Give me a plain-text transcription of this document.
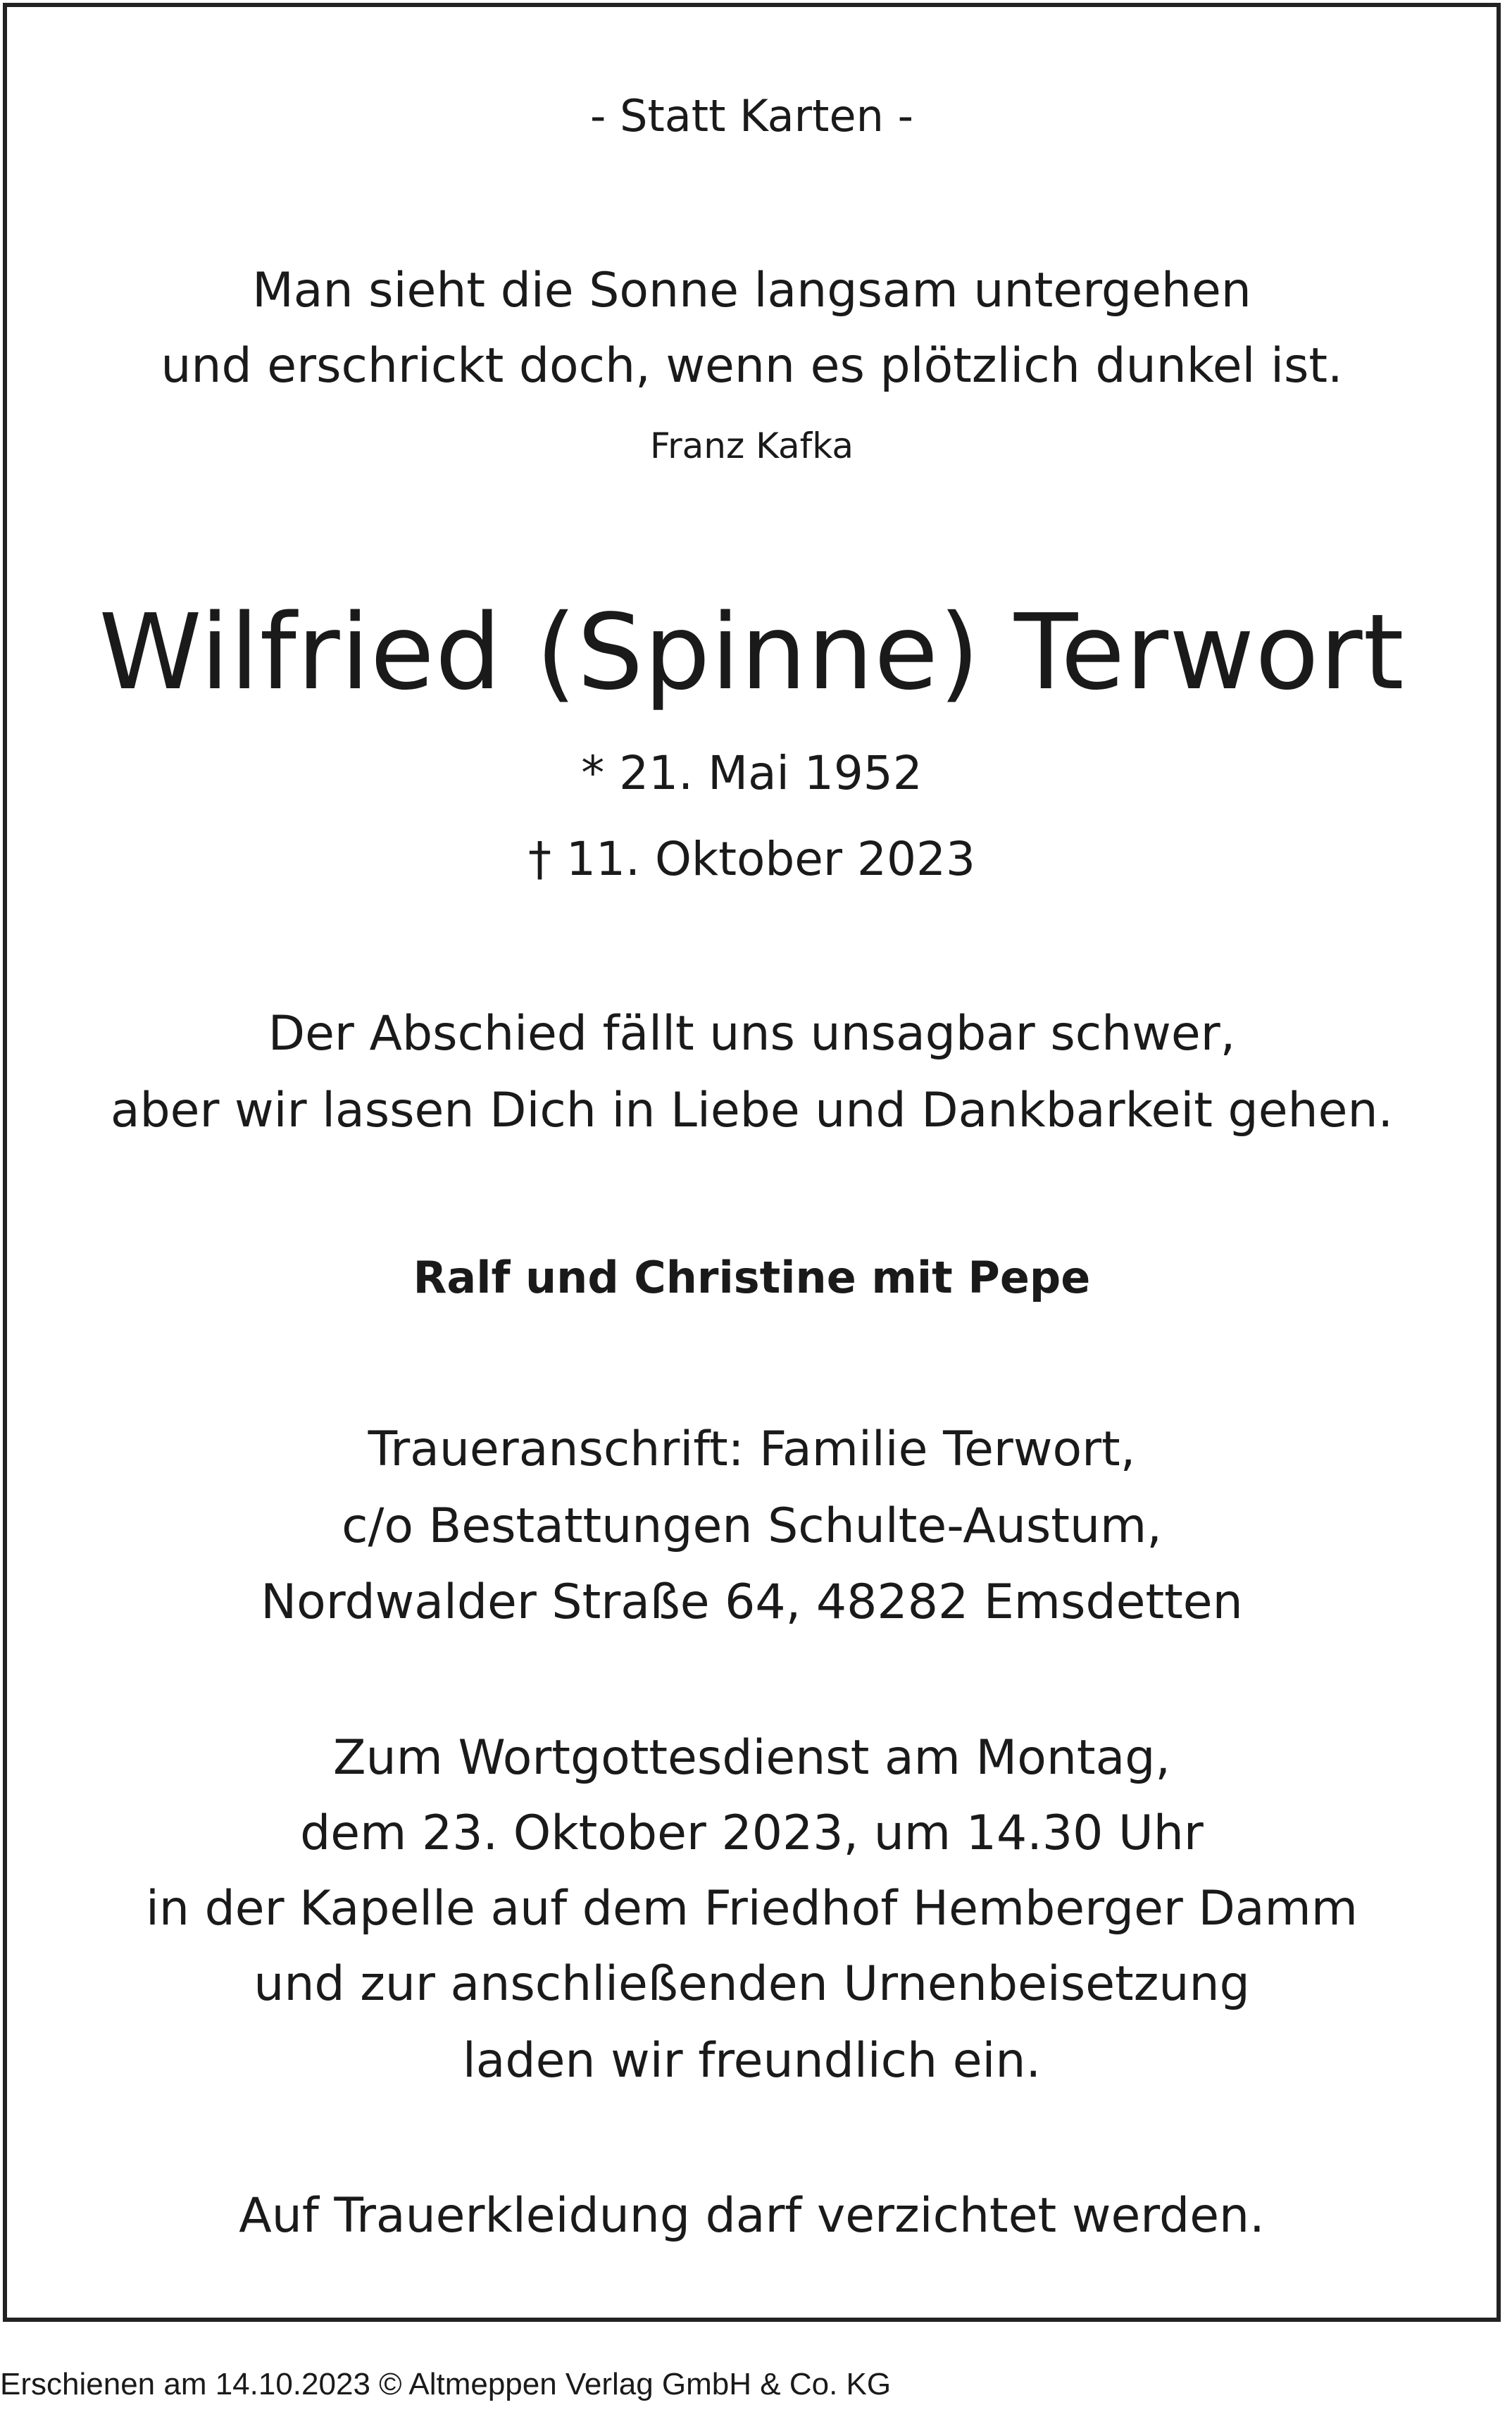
- Statt Karten -
Man sieht die Sonne langsam untergehen
und erschrickt doch, wenn es plötzlich dunkel ist.
Franz Kafka
Wilfried (Spinne) Terwort
* 21. Mai 1952
† 11. Oktober 2023
Der Abschied fällt uns unsagbar schwer,
aber wir lassen Dich in Liebe und Dankbarkeit gehen.
Ralf und Christine mit Pepe
Traueranschrift: Familie Terwort,
c/o Bestattungen Schulte-Austum,
Nordwalder Straße 64, 48282 Emsdetten
Zum Wortgottesdienst am Montag,
dem 23. Oktober 2023, um 14.30 Uhr
in der Kapelle auf dem Friedhof Hemberger Damm
und zur anschließenden Urnenbeisetzung
laden wir freundlich ein.
Auf Trauerkleidung darf verzichtet werden.
Erschienen am 14.10.2023 © Altmeppen Verlag GmbH & Co. KG
